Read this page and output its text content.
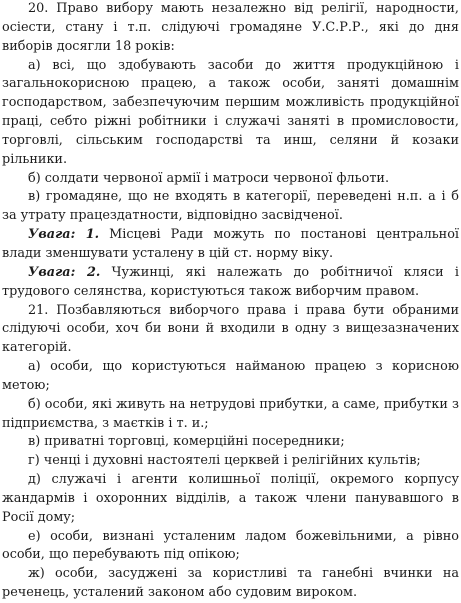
20. Право вибору мають незалежно від релігії, народности, осіести, стану і т.п. слідуючі громадяне У.С.Р.Р., які до дня виборів досягли 18 років:

а) всі, що здобувають засоби до життя продукційною і загальнокорисною працею, а також особи, заняті домашнім господарством, забезпечуючим першим можливість продукційної праці, себто ріжні робітники і служачі заняті в промисловости, торговлі, сільським господарстві та инш, селяни й козаки рільники.

б) солдати червоної армії і матроси червоної фльоти.

в) громадяне, що не входять в категорії, переведені н.п. а і б за утрату працездатности, відповідно засвідченої.

Увага: 1. Місцеві Ради можуть по постанові центральної влади зменшувати усталену в цій ст. норму віку.

Увага: 2. Чужинці, які належать до робітничої кляси і трудового селянства, користуються також виборчим правом.

21. Позбавляються виборчого права і права бути обраними слідуючі особи, хоч би вони й входили в одну з вищезазначених категорій.

а) особи, що користуються найманою працею з корисною метою;

б) особи, які живуть на нетрудові прибутки, а саме, прибутки з підприємства, з маєтків і т. и.;

в) приватні торговці, комерційні посередники;

г) ченці і духовні настоятелі церквей і релігійних культів;

д) служачі і агенти колишньої поліції, окремого корпусу жандармів і охоронних відділів, а також члени панувавшого в Росії дому;

е) особи, визнані усталеним ладом божевільними, а рівно особи, що перебувають під опікою;

ж) особи, засуджені за користливі та ганебні вчинки на реченець, усталений законом або судовим вироком.
